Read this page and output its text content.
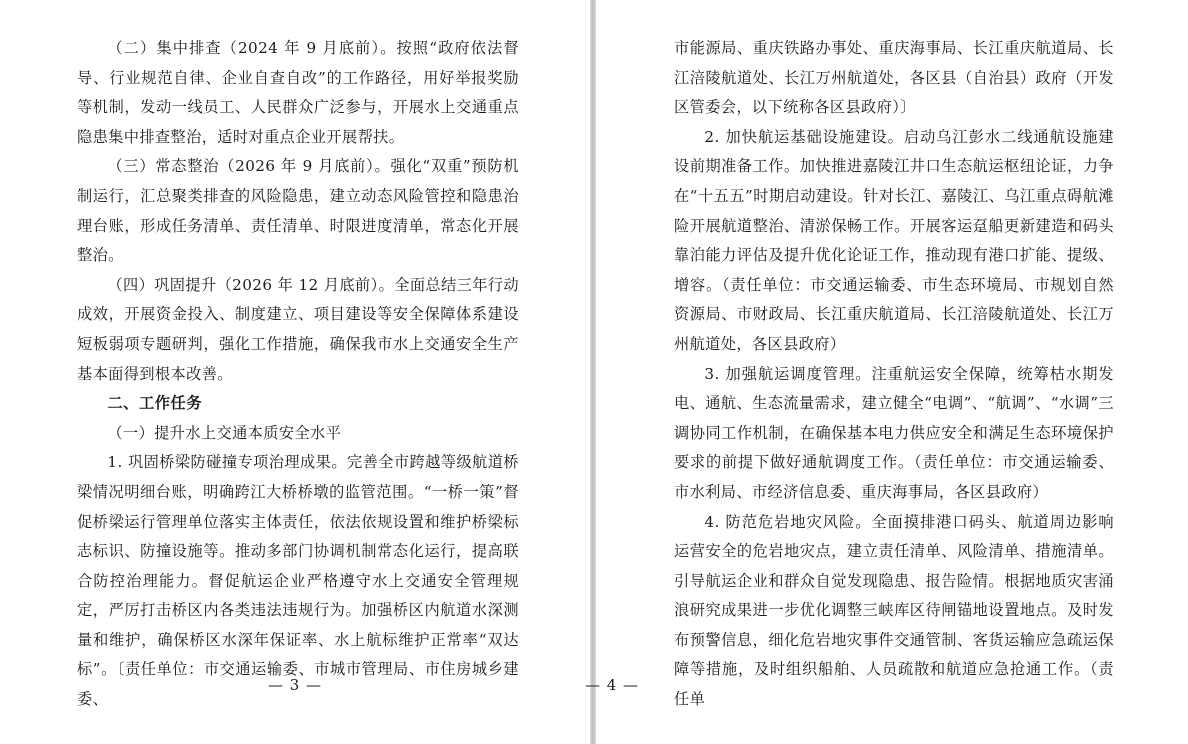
（二）集中排查（2024 年 9 月底前）。按照“政府依法督导、行业规范自律、企业自查自改”的工作路径，用好举报奖励等机制，发动一线员工、人民群众广泛参与，开展水上交通重点隐患集中排查整治，适时对重点企业开展帮扶。

（三）常态整治（2026 年 9 月底前）。强化“双重”预防机制运行，汇总聚类排查的风险隐患，建立动态风险管控和隐患治理台账，形成任务清单、责任清单、时限进度清单，常态化开展整治。

（四）巩固提升（2026 年 12 月底前）。全面总结三年行动成效，开展资金投入、制度建立、项目建设等安全保障体系建设短板弱项专题研判，强化工作措施，确保我市水上交通安全生产基本面得到根本改善。

二、工作任务

（一）提升水上交通本质安全水平

1. 巩固桥梁防碰撞专项治理成果。完善全市跨越等级航道桥梁情况明细台账，明确跨江大桥桥墩的监管范围。“一桥一策”督促桥梁运行管理单位落实主体责任，依法依规设置和维护桥梁标志标识、防撞设施等。推动多部门协调机制常态化运行，提高联合防控治理能力。督促航运企业严格遵守水上交通安全管理规定，严厉打击桥区内各类违法违规行为。加强桥区内航道水深测量和维护，确保桥区水深年保证率、水上航标维护正常率“双达标”。〔责任单位：市交通运输委、市城市管理局、市住房城乡建委、

— 3 —

市能源局、重庆铁路办事处、重庆海事局、长江重庆航道局、长江涪陵航道处、长江万州航道处，各区县（自治县）政府（开发区管委会，以下统称各区县政府）〕

2. 加快航运基础设施建设。启动乌江彭水二线通航设施建设前期准备工作。加快推进嘉陵江井口生态航运枢纽论证，力争在“十五五”时期启动建设。针对长江、嘉陵江、乌江重点碍航滩险开展航道整治、清淤保畅工作。开展客运趸船更新建造和码头靠泊能力评估及提升优化论证工作，推动现有港口扩能、提级、增容。（责任单位：市交通运输委、市生态环境局、市规划自然资源局、市财政局、长江重庆航道局、长江涪陵航道处、长江万州航道处，各区县政府）

3. 加强航运调度管理。注重航运安全保障，统筹枯水期发电、通航、生态流量需求，建立健全“电调”、“航调”、“水调”三调协同工作机制，在确保基本电力供应安全和满足生态环境保护要求的前提下做好通航调度工作。（责任单位：市交通运输委、市水利局、市经济信息委、重庆海事局，各区县政府）

4. 防范危岩地灾风险。全面摸排港口码头、航道周边影响运营安全的危岩地灾点，建立责任清单、风险清单、措施清单。引导航运企业和群众自觉发现隐患、报告险情。根据地质灾害涌浪研究成果进一步优化调整三峡库区待闸锚地设置地点。及时发布预警信息，细化危岩地灾事件交通管制、客货运输应急疏运保障等措施，及时组织船舶、人员疏散和航道应急抢通工作。（责任单

— 4 —
